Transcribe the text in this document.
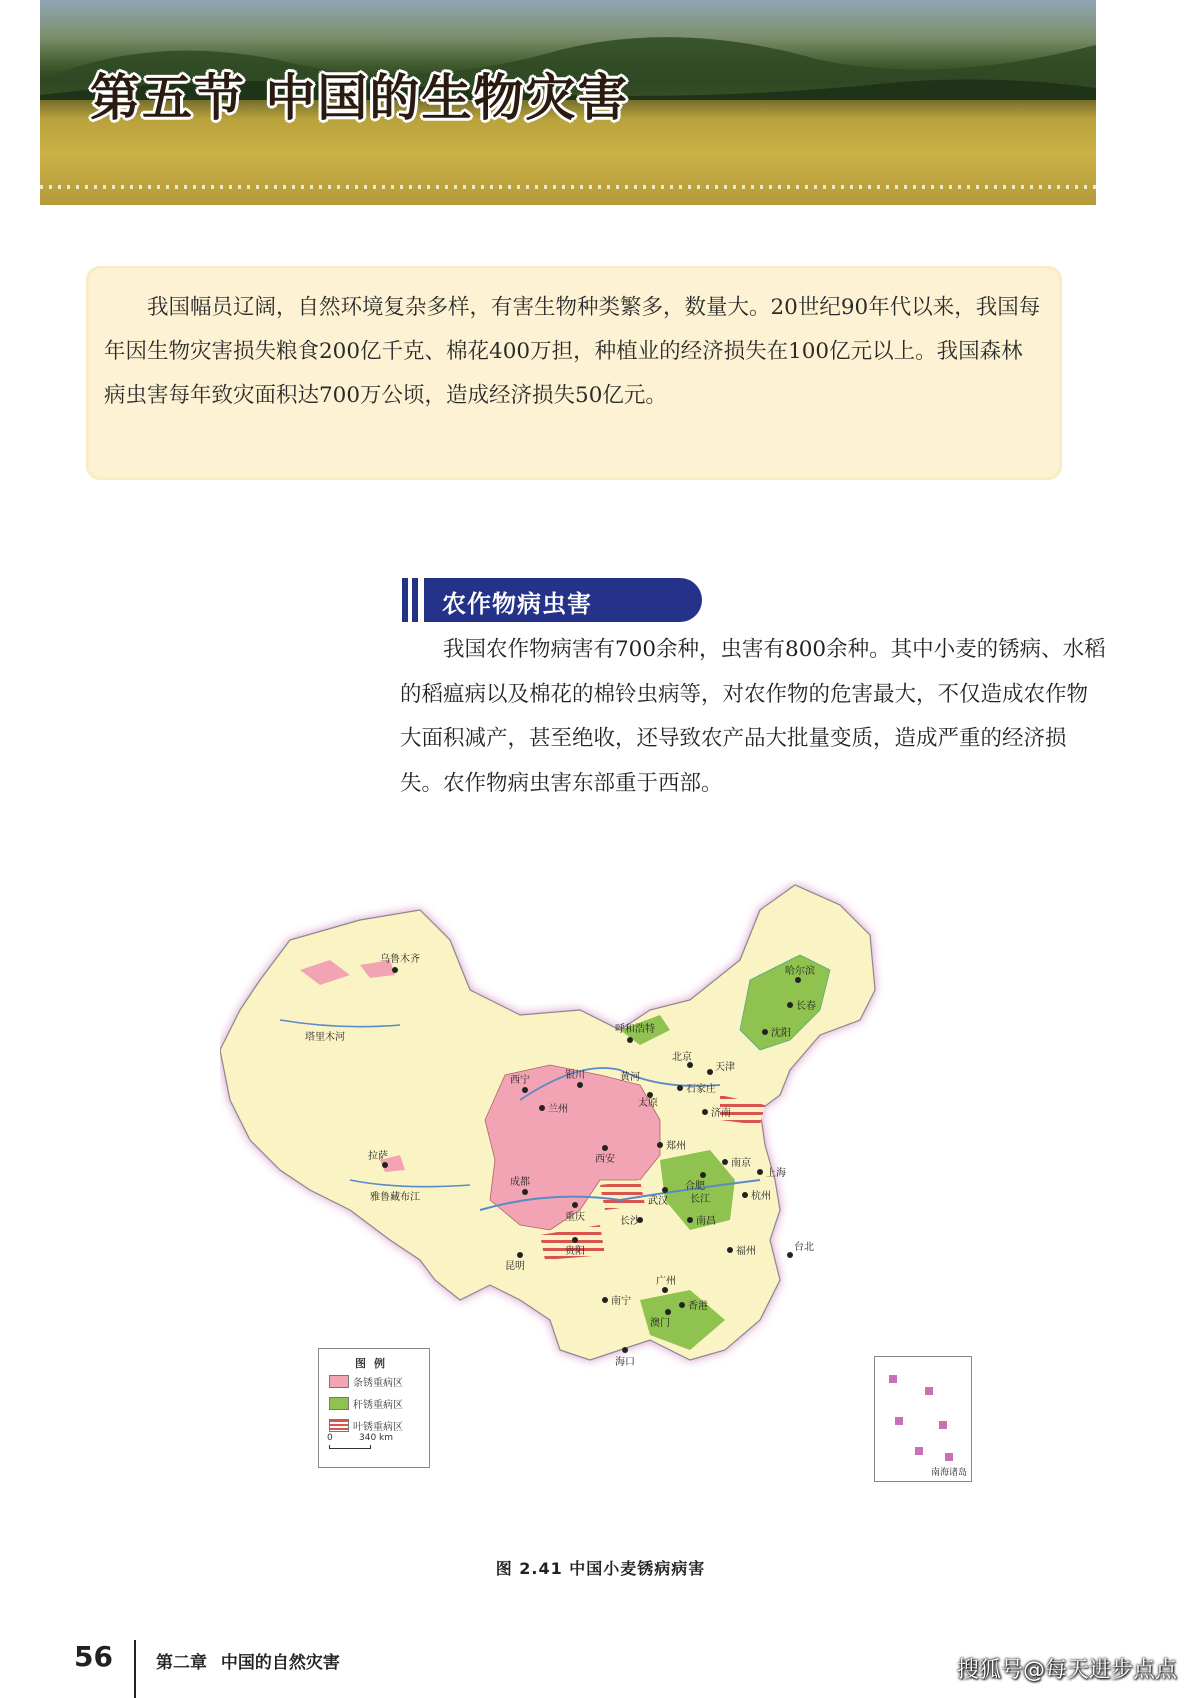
第五节 中国的生物灾害

我国幅员辽阔，自然环境复杂多样，有害生物种类繁多，数量大。20世纪90年代以来，我国每年因生物灾害损失粮食200亿千克、棉花400万担，种植业的经济损失在100亿元以上。我国森林病虫害每年致灾面积达700万公顷，造成经济损失50亿元。

农作物病虫害

我国农作物病害有700余种，虫害有800余种。其中小麦的锈病、水稻的稻瘟病以及棉花的棉铃虫病等，对农作物的危害最大，不仅造成农作物大面积减产，甚至绝收，还导致农产品大批量变质，造成严重的经济损失。农作物病虫害东部重于西部。

乌鲁木齐
哈尔滨
长春
沈阳
呼和浩特
北京
天津
石家庄
太原
济南
银川
西宁
兰州
西安
郑州
南京
上海
合肥
武汉	杭州
成都
重庆	长沙	南昌
贵阳
昆明
福州	台北
广州
南宁	香港
澳门
海口
拉萨
塔里木河
雅鲁藏布江
黄河
长江
图例
条锈重病区
秆锈重病区
叶锈重病区
0	340 km
南海诸岛
图 2.41 中国小麦锈病病害
56	第二章 中国的自然灾害	搜狐号@每天进步点点
